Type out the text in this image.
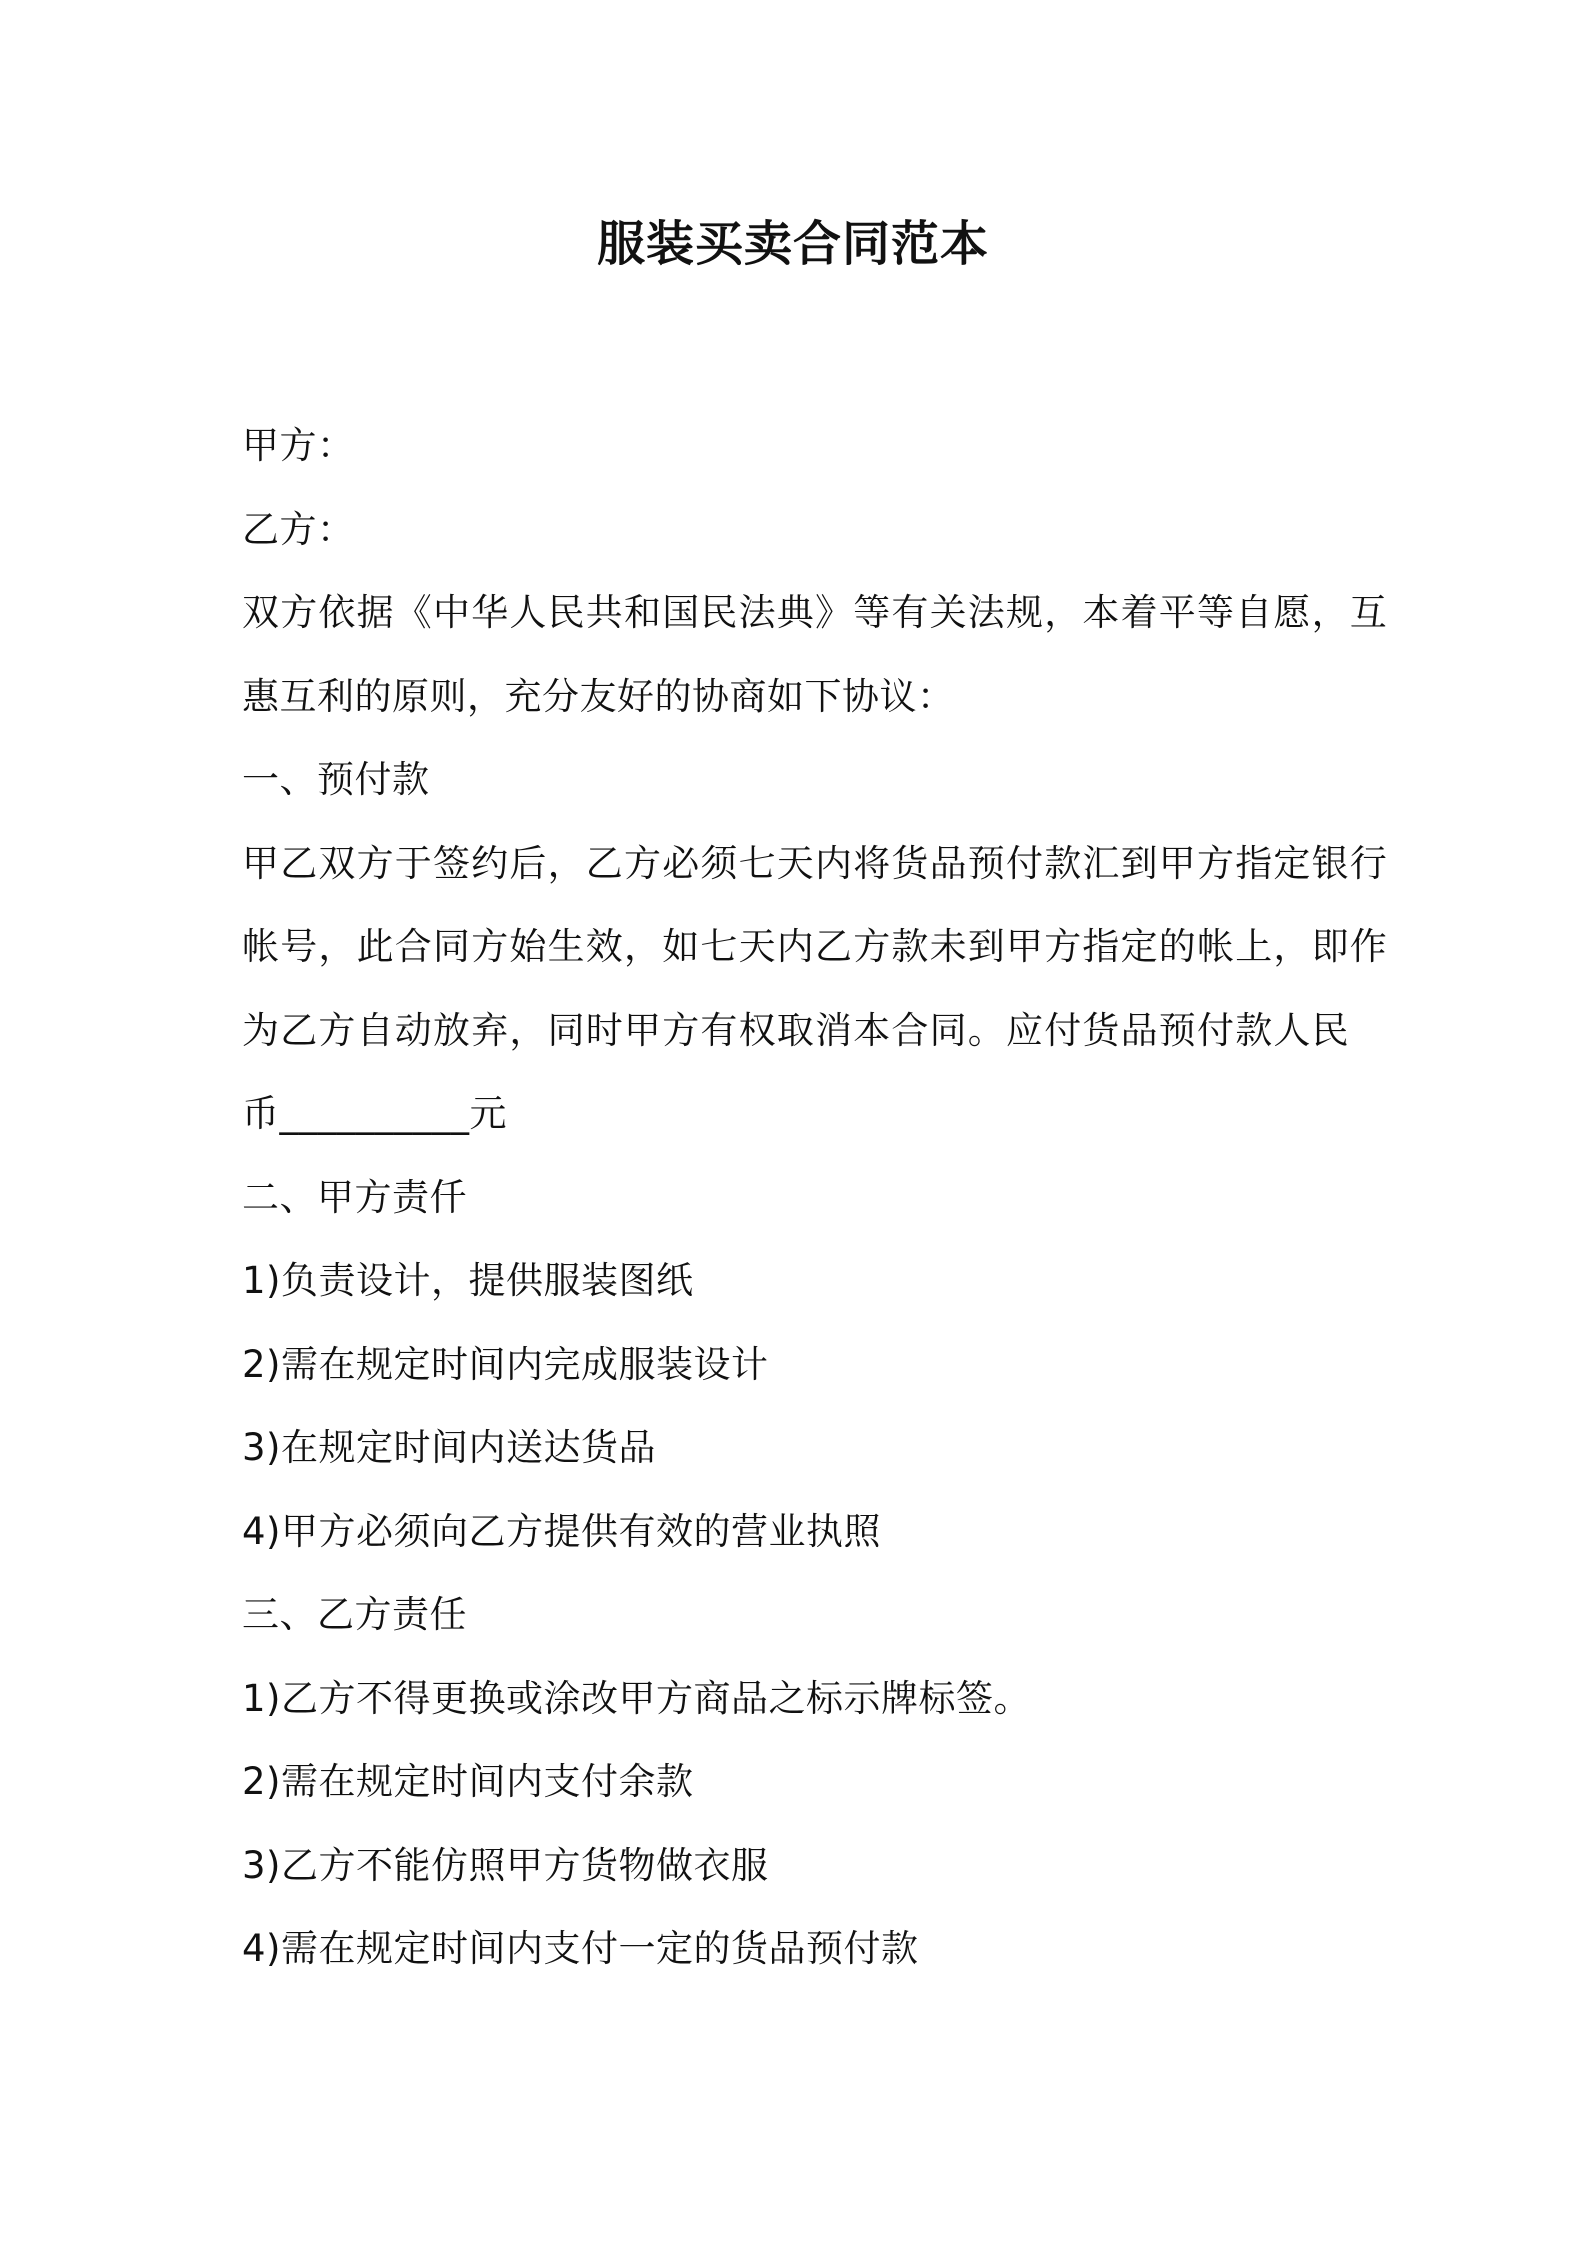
服装买卖合同范本
甲方：
乙方：
双方依据《中华人民共和国民法典》等有关法规，本着平等自愿，互
惠互利的原则，充分友好的协商如下协议：
一、预付款
甲乙双方于签约后，乙方必须七天内将货品预付款汇到甲方指定银行
帐号，此合同方始生效，如七天内乙方款未到甲方指定的帐上，即作
为乙方自动放弃，同时甲方有权取消本合同。应付货品预付款人民
币__________元
二、甲方责仟
1)负责设计，提供服装图纸
2)需在规定时间内完成服装设计
3)在规定时间内送达货品
4)甲方必须向乙方提供有效的营业执照
三、乙方责任
1)乙方不得更换或涂改甲方商品之标示牌标签。
2)需在规定时间内支付余款
3)乙方不能仿照甲方货物做衣服
4)需在规定时间内支付一定的货品预付款
